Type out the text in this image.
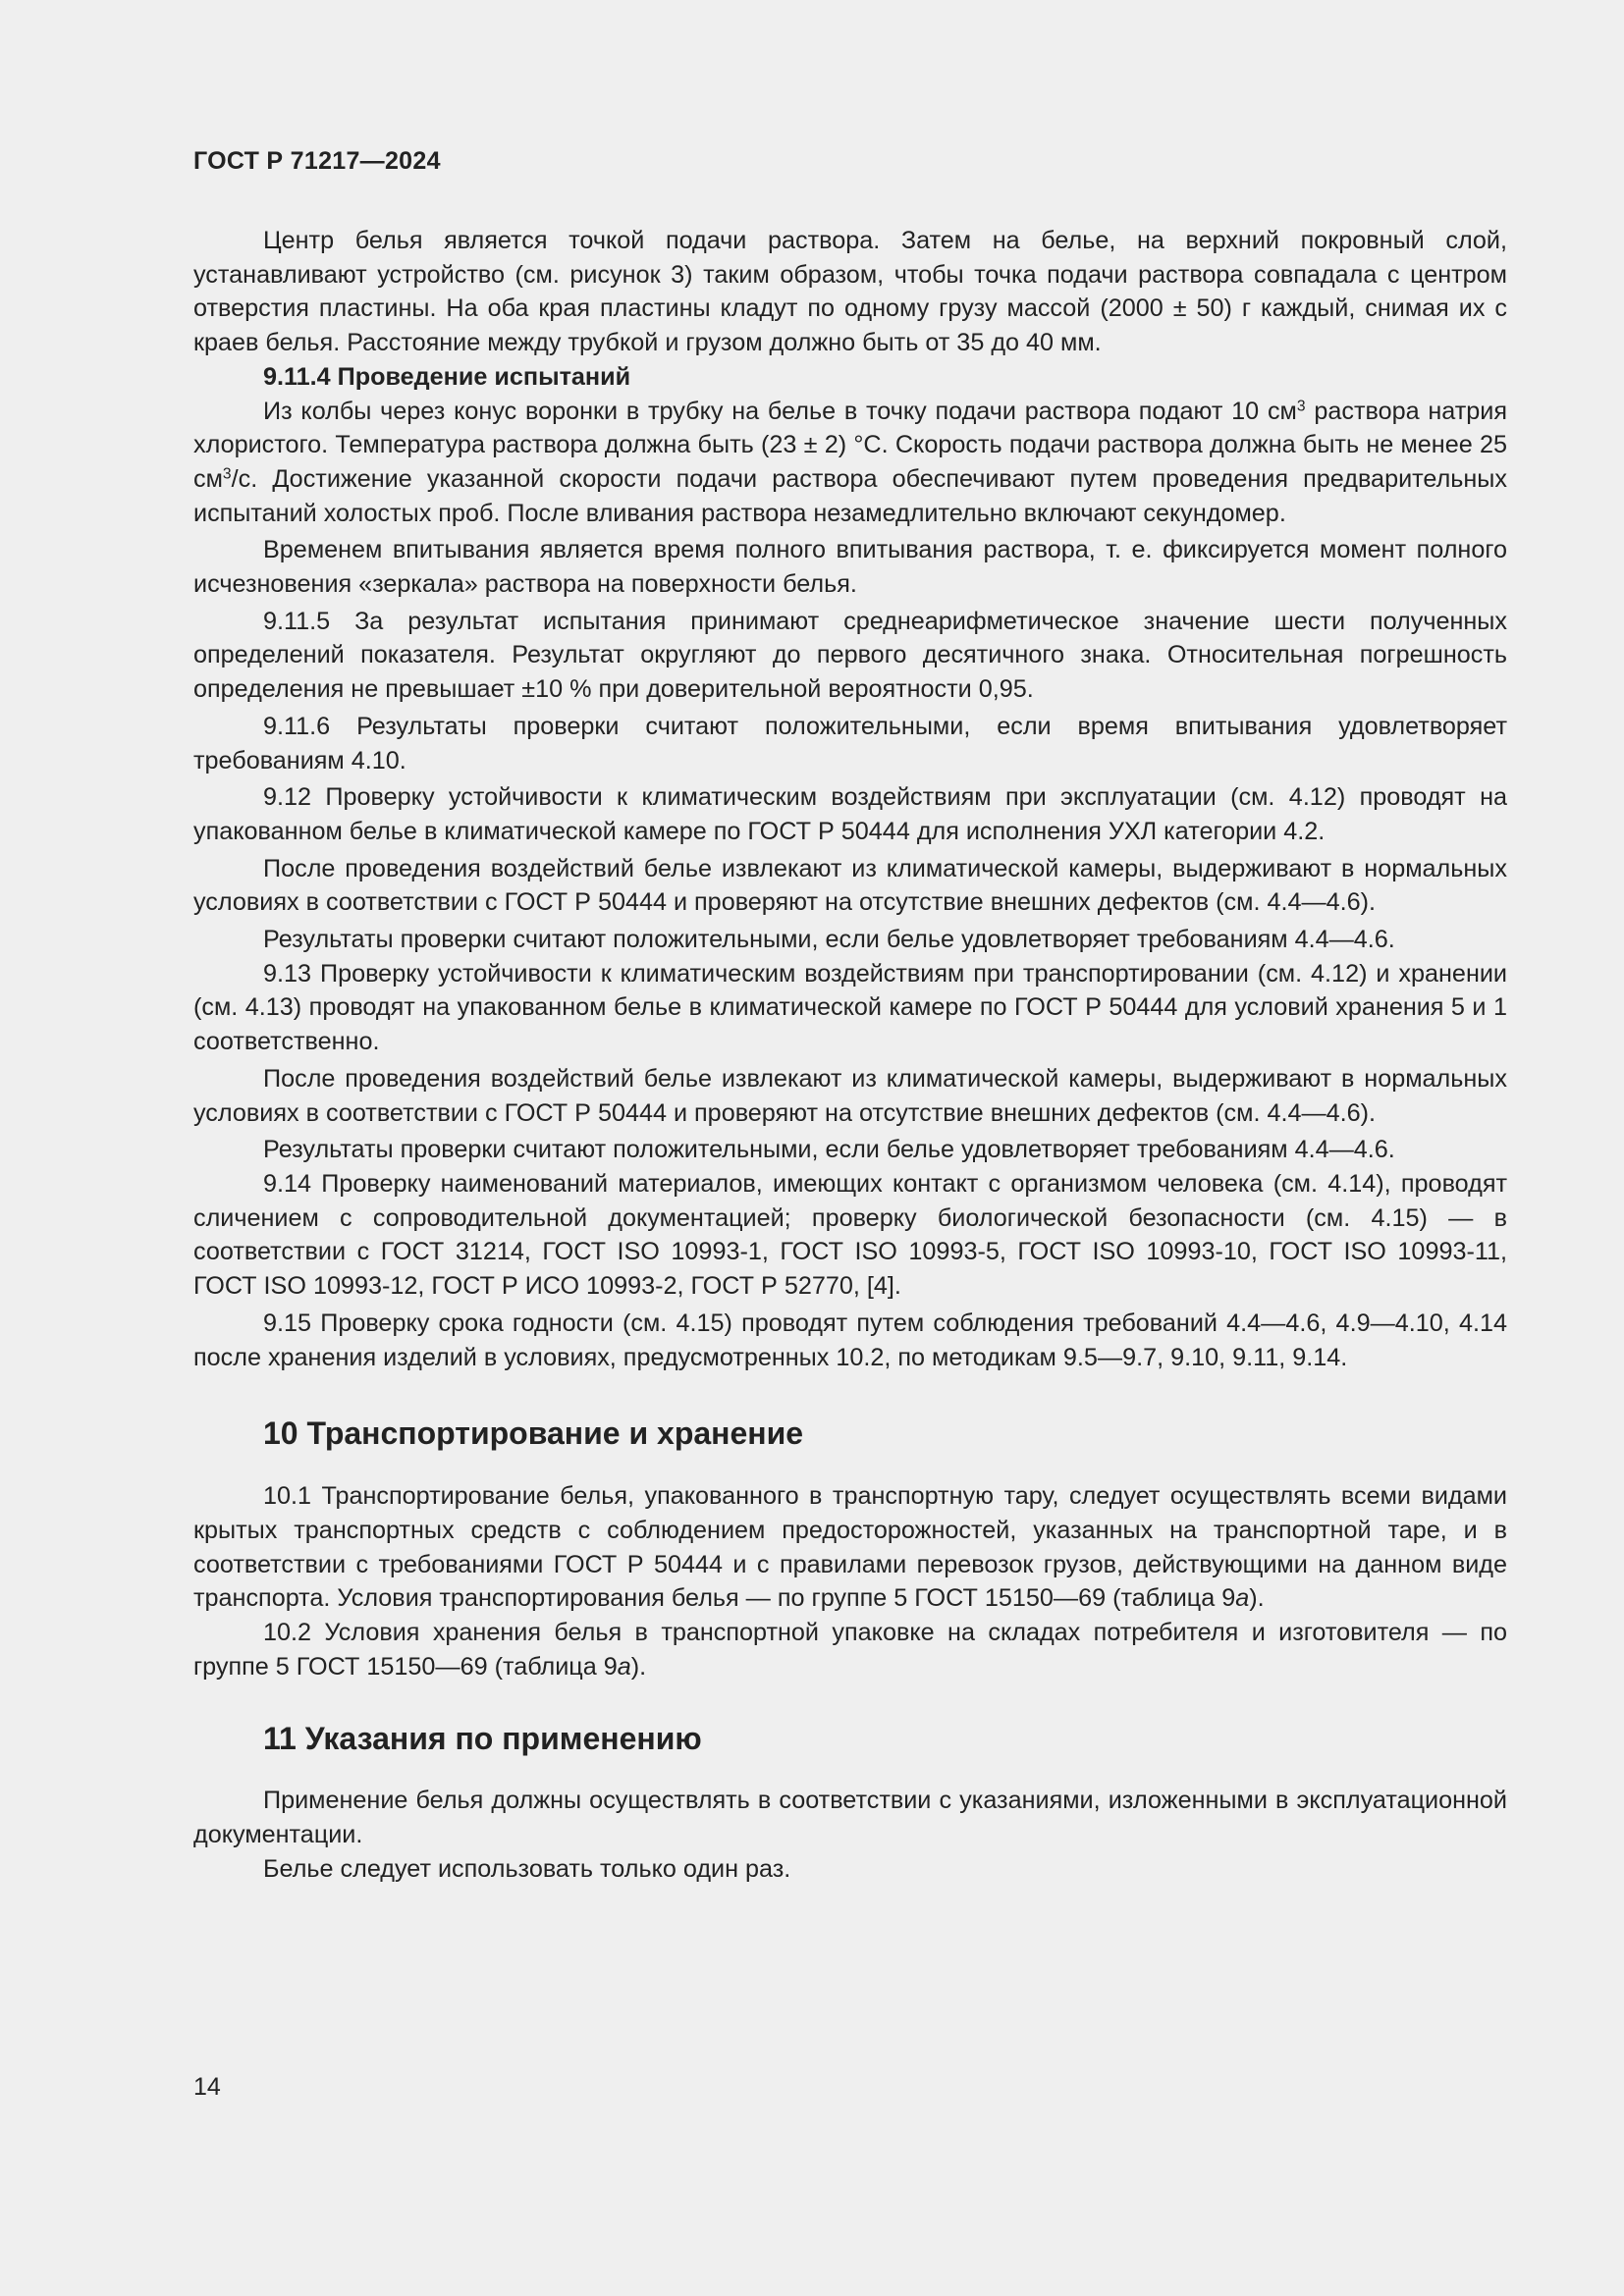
ГОСТ Р 71217—2024

Центр белья является точкой подачи раствора. Затем на белье, на верхний покровный слой, устанавливают устройство (см. рисунок 3) таким образом, чтобы точка подачи раствора совпадала с центром отверстия пластины. На оба края пластины кладут по одному грузу массой (2000 ± 50) г каждый, снимая их с краев белья. Расстояние между трубкой и грузом должно быть от 35 до 40 мм.

9.11.4 Проведение испытаний

Из колбы через конус воронки в трубку на белье в точку подачи раствора подают 10 $см^3$ раствора натрия хлористого. Температура раствора должна быть (23 ± 2) °С. Скорость подачи раствора должна быть не менее 25 $см^3/с$. Достижение указанной скорости подачи раствора обеспечивают путем проведения предварительных испытаний холостых проб. После вливания раствора незамедлительно включают секундомер.

Временем впитывания является время полного впитывания раствора, т. е. фиксируется момент полного исчезновения «зеркала» раствора на поверхности белья.

9.11.5 За результат испытания принимают среднеарифметическое значение шести полученных определений показателя. Результат округляют до первого десятичного знака. Относительная погрешность определения не превышает ±10 % при доверительной вероятности 0,95.

9.11.6 Результаты проверки считают положительными, если время впитывания удовлетворяет требованиям 4.10.

9.12 Проверку устойчивости к климатическим воздействиям при эксплуатации (см. 4.12) проводят на упакованном белье в климатической камере по ГОСТ Р 50444 для исполнения УХЛ категории 4.2.

После проведения воздействий белье извлекают из климатической камеры, выдерживают в нормальных условиях в соответствии с ГОСТ Р 50444 и проверяют на отсутствие внешних дефектов (см. 4.4—4.6).

Результаты проверки считают положительными, если белье удовлетворяет требованиям 4.4—4.6.

9.13 Проверку устойчивости к климатическим воздействиям при транспортировании (см. 4.12) и хранении (см. 4.13) проводят на упакованном белье в климатической камере по ГОСТ Р 50444 для условий хранения 5 и 1 соответственно.

После проведения воздействий белье извлекают из климатической камеры, выдерживают в нормальных условиях в соответствии с ГОСТ Р 50444 и проверяют на отсутствие внешних дефектов (см. 4.4—4.6).

Результаты проверки считают положительными, если белье удовлетворяет требованиям 4.4—4.6.

9.14 Проверку наименований материалов, имеющих контакт с организмом человека (см. 4.14), проводят сличением с сопроводительной документацией; проверку биологической безопасности (см. 4.15) — в соответствии с ГОСТ 31214, ГОСТ ISO 10993-1, ГОСТ ISO 10993-5, ГОСТ ISO 10993-10, ГОСТ ISO 10993-11, ГОСТ ISO 10993-12, ГОСТ Р ИСО 10993-2, ГОСТ Р 52770, [4].

9.15 Проверку срока годности (см. 4.15) проводят путем соблюдения требований 4.4—4.6, 4.9—4.10, 4.14 после хранения изделий в условиях, предусмотренных 10.2, по методикам 9.5—9.7, 9.10, 9.11, 9.14.

10 Транспортирование и хранение

10.1 Транспортирование белья, упакованного в транспортную тару, следует осуществлять всеми видами крытых транспортных средств с соблюдением предосторожностей, указанных на транспортной таре, и в соответствии с требованиями ГОСТ Р 50444 и с правилами перевозок грузов, действующими на данном виде транспорта. Условия транспортирования белья — по группе 5 ГОСТ 15150—69 (таблица 9а).

10.2 Условия хранения белья в транспортной упаковке на складах потребителя и изготовителя — по группе 5 ГОСТ 15150—69 (таблица 9а).

11 Указания по применению

Применение белья должны осуществлять в соответствии с указаниями, изложенными в эксплуатационной документации.

Белье следует использовать только один раз.

14
